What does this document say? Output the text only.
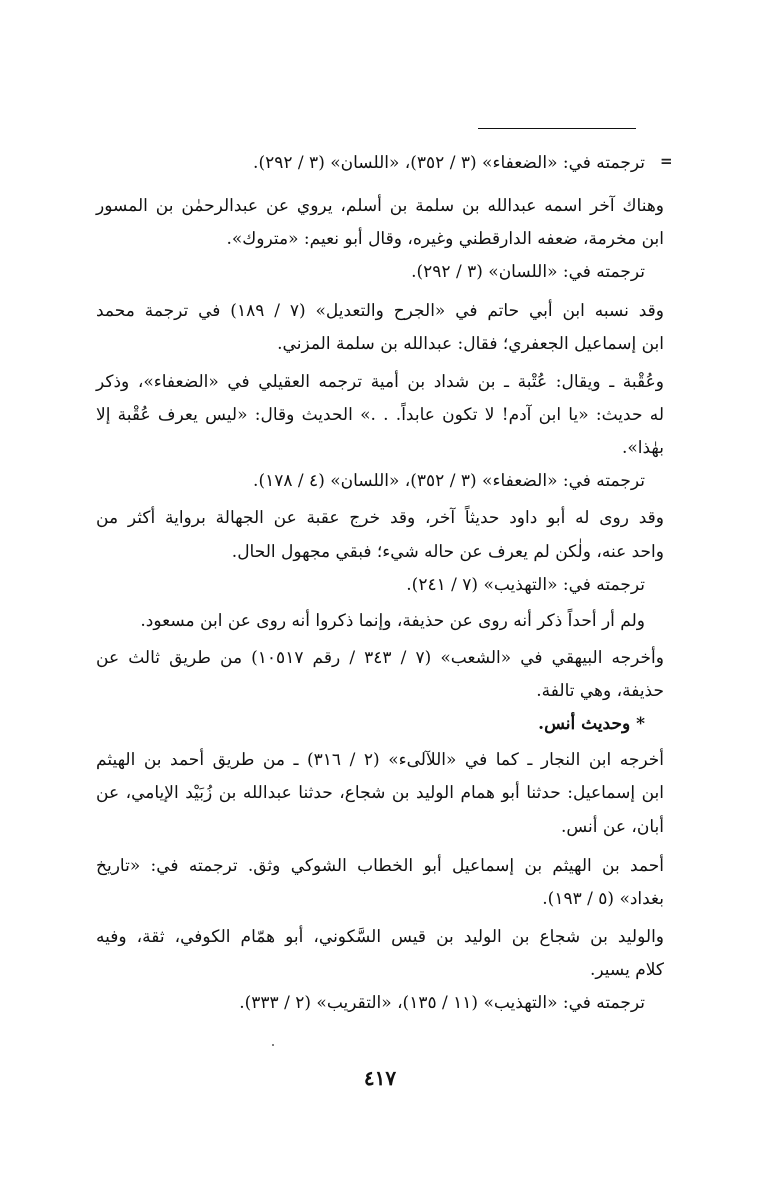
=
ترجمته في: «الضعفاء» (٣ / ٣٥٢)، «اللسان» (٣ / ٢٩٢).
وهناك آخر اسمه عبدالله بن سلمة بن أسلم، يروي عن عبدالرحمٰن بن المسور
ابن مخرمة، ضعفه الدارقطني وغيره، وقال أبو نعيم: «متروك».
ترجمته في: «اللسان» (٣ / ٢٩٢).
وقد نسبه ابن أبي حاتم في «الجرح والتعديل» (٧ / ١٨٩) في ترجمة محمد
ابن إسماعيل الجعفري؛ فقال: عبدالله بن سلمة المزني.
وعُقْبة ـ ويقال: عُتْبة ـ بن شداد بن أمية ترجمه العقيلي في «الضعفاء»، وذكر
له حديث: «يا ابن آدم! لا تكون عابداً. . .» الحديث وقال: «ليس يعرف عُقْبة إلا
بهٰذا».
ترجمته في: «الضعفاء» (٣ / ٣٥٢)، «اللسان» (٤ / ١٧٨).
وقد روى له أبو داود حديثاً آخر، وقد خرج عقبة عن الجهالة برواية أكثر من
واحد عنه، ولٰكن لم يعرف عن حاله شيء؛ فبقي مجهول الحال.
ترجمته في: «التهذيب» (٧ / ٢٤١).
ولم أر أحداً ذكر أنه روى عن حذيفة، وإنما ذكروا أنه روى عن ابن مسعود.
وأخرجه البيهقي في «الشعب» (٧ / ٣٤٣ / رقم ١٠٥١٧) من طريق ثالث عن
حذيفة، وهي تالفة.
* وحديث أنس.
أخرجه ابن النجار ـ كما في «اللآلىء» (٢ / ٣١٦) ـ من طريق أحمد بن الهيثم
ابن إسماعيل: حدثنا أبو همام الوليد بن شجاع، حدثنا عبدالله بن زُبَيْد الإيامي، عن
أبان، عن أنس.
أحمد بن الهيثم بن إسماعيل أبو الخطاب الشوكي وثق. ترجمته في: «تاريخ
بغداد» (٥ / ١٩٣).
والوليد بن شجاع بن الوليد بن قيس السَّكوني، أبو همّام الكوفي، ثقة، وفيه
كلام يسير.
ترجمته في: «التهذيب» (١١ / ١٣٥)، «التقريب» (٢ / ٣٣٣).
٤١٧
